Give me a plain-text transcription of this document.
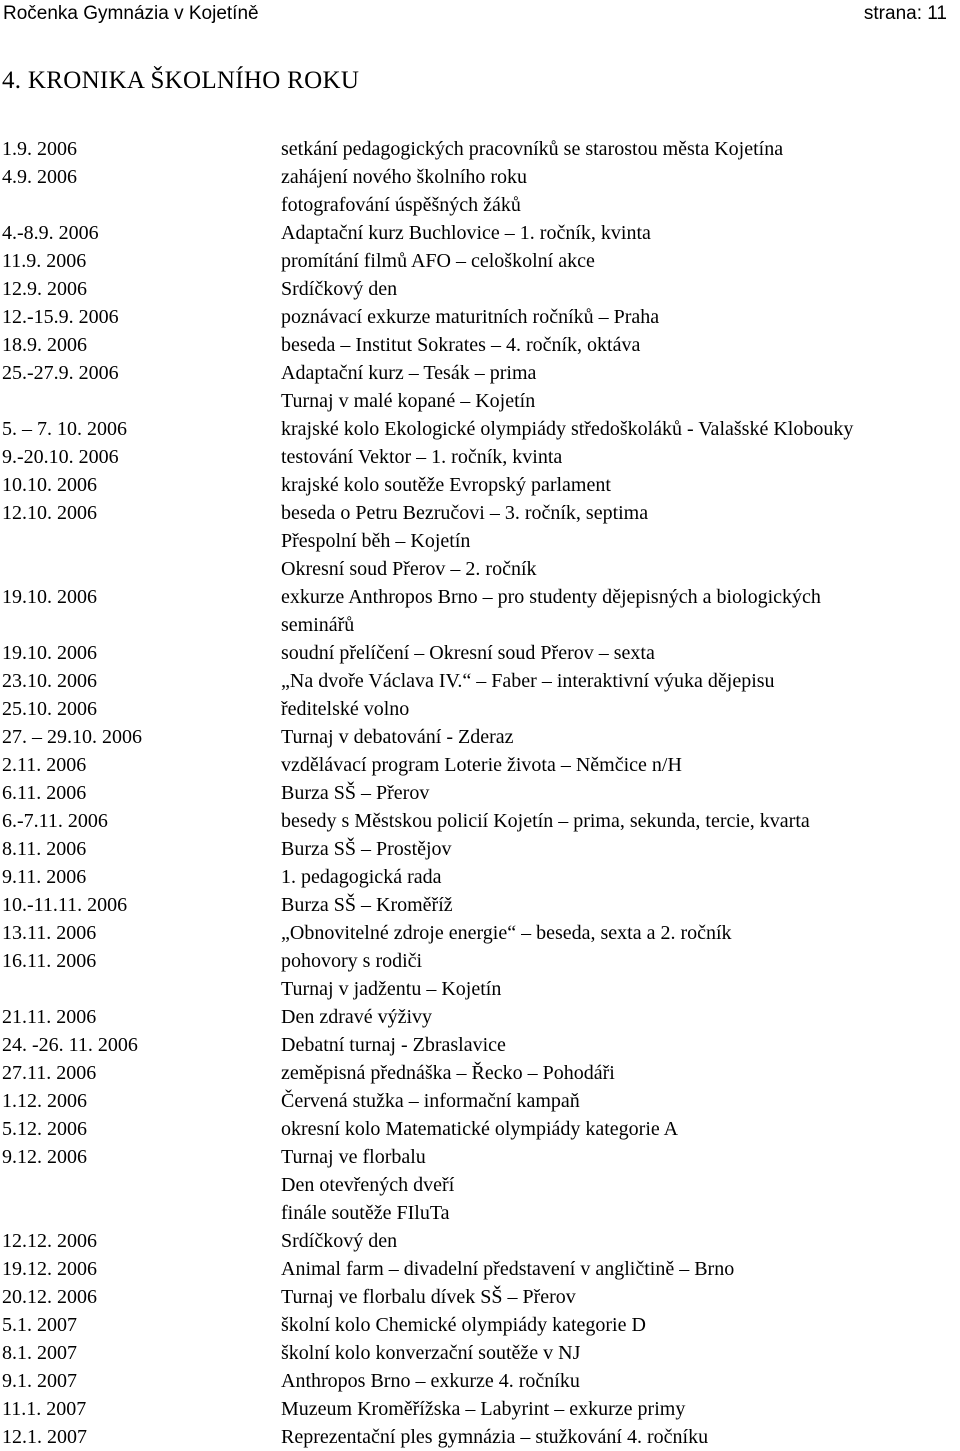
Ročenka Gymnázia v Kojetíně	strana: 11
4. KRONIKA ŠKOLNÍHO ROKU
1.9. 2006	setkání pedagogických pracovníků se starostou města Kojetína
4.9. 2006	zahájení nového školního roku
fotografování úspěšných žáků
4.-8.9. 2006	Adaptační kurz Buchlovice – 1. ročník, kvinta
11.9. 2006	promítání filmů AFO – celoškolní akce
12.9. 2006	Srdíčkový den
12.-15.9. 2006	poznávací exkurze maturitních ročníků – Praha
18.9. 2006	beseda – Institut Sokrates – 4. ročník, oktáva
25.-27.9. 2006	Adaptační kurz – Tesák – prima
Turnaj v malé kopané – Kojetín
5. – 7. 10. 2006	krajské kolo Ekologické olympiády středoškoláků - Valašské Klobouky
9.-20.10. 2006	testování Vektor – 1. ročník, kvinta
10.10. 2006	krajské kolo soutěže Evropský parlament
12.10. 2006	beseda o Petru Bezručovi – 3. ročník, septima
Přespolní běh – Kojetín
Okresní soud Přerov – 2. ročník
19.10. 2006	exkurze Anthropos Brno – pro studenty dějepisných a biologických
seminářů
19.10. 2006	soudní přelíčení – Okresní soud Přerov – sexta
23.10. 2006	„Na dvoře Václava IV.“ – Faber – interaktivní výuka dějepisu
25.10. 2006	ředitelské volno
27. – 29.10. 2006	Turnaj v debatování - Zderaz
2.11. 2006	vzdělávací program Loterie života – Němčice n/H
6.11. 2006	Burza SŠ – Přerov
6.-7.11. 2006	besedy s Městskou policií Kojetín – prima, sekunda, tercie, kvarta
8.11. 2006	Burza SŠ – Prostějov
9.11. 2006	1. pedagogická rada
10.-11.11. 2006	Burza SŠ – Kroměříž
13.11. 2006	„Obnovitelné zdroje energie“ – beseda, sexta a 2. ročník
16.11. 2006	pohovory s rodiči
Turnaj v jadžentu – Kojetín
21.11. 2006	Den zdravé výživy
24. -26. 11. 2006	Debatní turnaj - Zbraslavice
27.11. 2006	zeměpisná přednáška – Řecko – Pohodáři
1.12. 2006	Červená stužka – informační kampaň
5.12. 2006	okresní kolo Matematické olympiády kategorie A
9.12. 2006	Turnaj ve florbalu
Den otevřených dveří
finále soutěže FIluTa
12.12. 2006	Srdíčkový den
19.12. 2006	Animal farm – divadelní představení v angličtině – Brno
20.12. 2006	Turnaj ve florbalu dívek SŠ – Přerov
5.1. 2007	školní kolo Chemické olympiády kategorie D
8.1. 2007	školní kolo konverzační soutěže v NJ
9.1. 2007	Anthropos Brno – exkurze 4. ročníku
11.1. 2007	Muzeum Kroměřížska – Labyrint – exkurze primy
12.1. 2007	Reprezentační ples gymnázia – stužkování 4. ročníku
